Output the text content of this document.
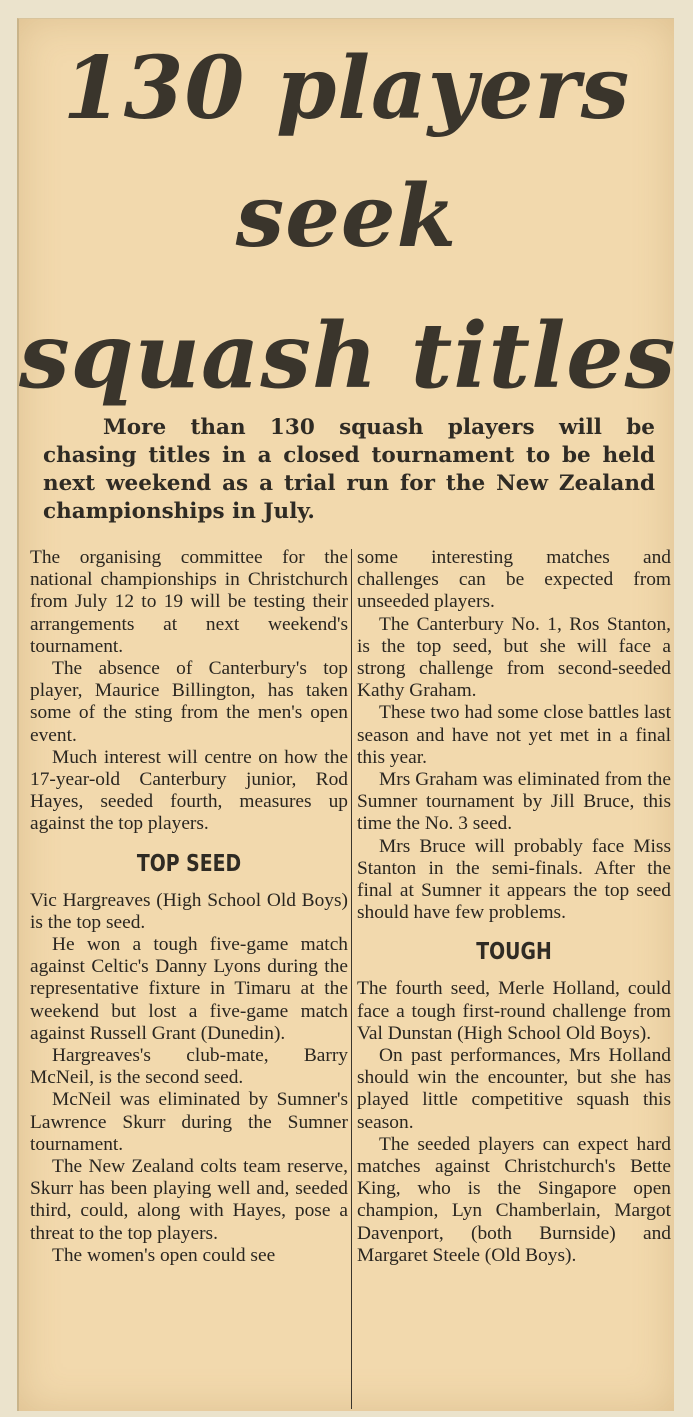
130 players
seek
squash titles
More than 130 squash players will be chasing titles in a closed tournament to be held next weekend as a trial run for the New Zealand championships in July.

The organising committee for the national championships in Christchurch from July 12 to 19 will be testing their arrangements at next weekend's tournament.

The absence of Canterbury's top player, Maurice Billington, has taken some of the sting from the men's open event.

Much interest will centre on how the 17-year-old Canterbury junior, Rod Hayes, seeded fourth, measures up against the top players.

TOP SEED

Vic Hargreaves (High School Old Boys) is the top seed.

He won a tough five-game match against Celtic's Danny Lyons during the representative fixture in Timaru at the weekend but lost a five-game match against Russell Grant (Dunedin).

Hargreaves's club-mate, Barry McNeil, is the second seed.

McNeil was eliminated by Sumner's Lawrence Skurr during the Sumner tournament.

The New Zealand colts team reserve, Skurr has been playing well and, seeded third, could, along with Hayes, pose a threat to the top players.

The women's open could see

some interesting matches and challenges can be expected from unseeded players.

The Canterbury No. 1, Ros Stanton, is the top seed, but she will face a strong challenge from second-seeded Kathy Graham.

These two had some close battles last season and have not yet met in a final this year.

Mrs Graham was eliminated from the Sumner tournament by Jill Bruce, this time the No. 3 seed.

Mrs Bruce will probably face Miss Stanton in the semi-finals. After the final at Sumner it appears the top seed should have few problems.

TOUGH

The fourth seed, Merle Holland, could face a tough first-round challenge from Val Dunstan (High School Old Boys).

On past performances, Mrs Holland should win the encounter, but she has played little competitive squash this season.

The seeded players can expect hard matches against Christchurch's Bette King, who is the Singapore open champion, Lyn Chamberlain, Margot Davenport, (both Burnside) and Margaret Steele (Old Boys).
